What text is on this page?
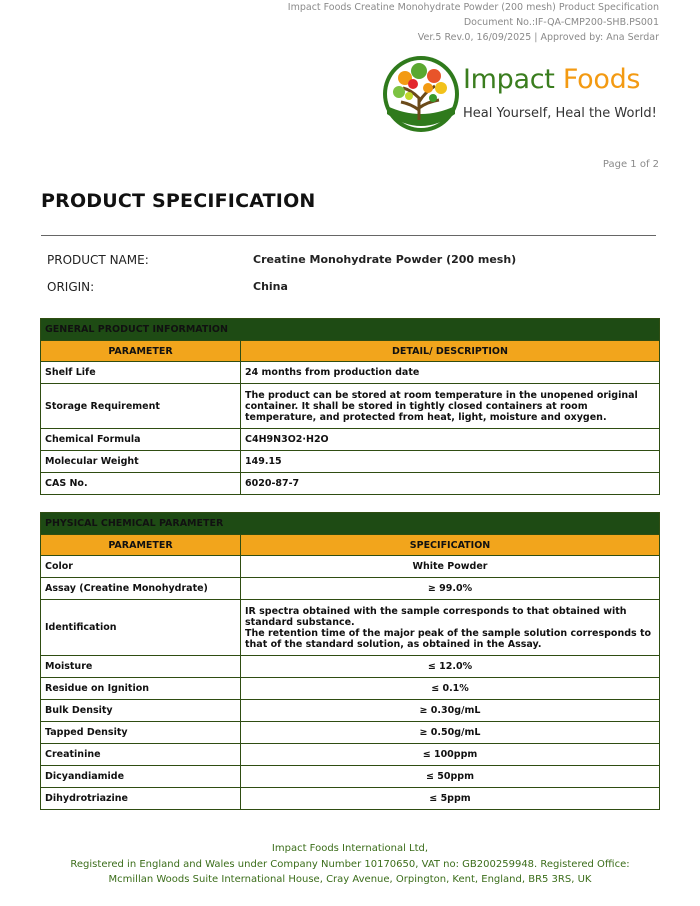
Impact Foods Creatine Monohydrate Powder (200 mesh) Product Specification
Document No.:IF-QA-CMP200-SHB.PS001
Ver.5 Rev.0, 16/09/2025 | Approved by: Ana Serdar
Impact Foods
Heal Yourself, Heal the World!
Page 1 of 2
PRODUCT SPECIFICATION
PRODUCT NAME:	Creatine Monohydrate Powder (200 mesh)
ORIGIN:	China
GENERAL PRODUCT INFORMATION	
PARAMETER	DETAIL/ DESCRIPTION
Shelf Life	24 months from production date
Storage Requirement	The product can be stored at room temperature in the unopened original container. It shall be stored in tightly closed containers at room temperature, and protected from heat, light, moisture and oxygen.
Chemical Formula	C4H9N3O2·H2O
Molecular Weight	149.15
CAS No.	6020-87-7
PHYSICAL CHEMICAL PARAMETER	
PARAMETER	SPECIFICATION
Color	White Powder
Assay (Creatine Monohydrate)	≥ 99.0%
Identification	IR spectra obtained with the sample corresponds to that obtained with standard substance.
The retention time of the major peak of the sample solution corresponds to that of the standard solution, as obtained in the Assay.

Moisture	≤ 12.0%
Residue on Ignition	≤ 0.1%
Bulk Density	≥ 0.30g/mL
Tapped Density	≥ 0.50g/mL
Creatinine	≤ 100ppm
Dicyandiamide	≤ 50ppm
Dihydrotriazine	≤ 5ppm
Impact Foods International Ltd,
Registered in England and Wales under Company Number 10170650, VAT no: GB200259948. Registered Office:
Mcmillan Woods Suite International House, Cray Avenue, Orpington, Kent, England, BR5 3RS, UK
